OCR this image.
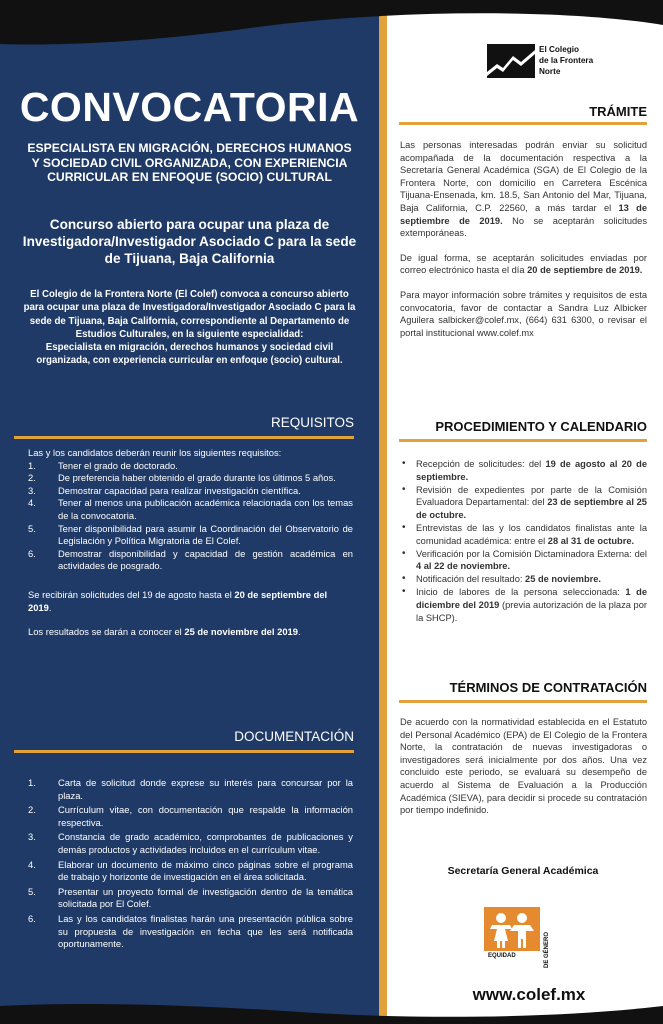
CONVOCATORIA
ESPECIALISTA EN MIGRACIÓN, DERECHOS HUMANOS Y SOCIEDAD CIVIL ORGANIZADA, CON EXPERIENCIA CURRICULAR EN ENFOQUE (SOCIO) CULTURAL
Concurso abierto para ocupar una plaza de Investigadora/Investigador Asociado C para la sede de Tijuana, Baja California
El Colegio de la Frontera Norte (El Colef) convoca a concurso abierto para ocupar una plaza de Investigadora/Investigador Asociado C para la sede de Tijuana, Baja California, correspondiente al Departamento de Estudios Culturales, en la siguiente especialidad:
Especialista en migración, derechos humanos y sociedad civil organizada, con experiencia curricular en enfoque (socio) cultural.
REQUISITOS
Las y los candidatos deberán reunir los siguientes requisitos:
1.	Tener el grado de doctorado.
2.	De preferencia haber obtenido el grado durante los últimos 5 años.
3.	Demostrar capacidad para realizar investigación científica.
4.	Tener al menos una publicación académica relacionada con los temas de la convocatoria.
5.	Tener disponibilidad para asumir la Coordinación del Observatorio de Legislación y Política Migratoria de El Colef.
6.	Demostrar disponibilidad y capacidad de gestión académica en actividades de posgrado.
Se recibirán solicitudes del 19 de agosto hasta el 20 de septiembre del 2019.
Los resultados se darán a conocer el 25 de noviembre del 2019.
DOCUMENTACIÓN
1.	Carta de solicitud donde exprese su interés para concursar por la plaza.
2.	Currículum vitae, con documentación que respalde la información respectiva.
3.	Constancia de grado académico, comprobantes de publicaciones y demás productos y actividades incluidos en el currículum vitae.
4.	Elaborar un documento de máximo cinco páginas sobre el programa de trabajo y horizonte de investigación en el área solicitada.
5.	Presentar un proyecto formal de investigación dentro de la temática solicitada por El Colef.
6.	Las y los candidatos finalistas harán una presentación pública sobre su propuesta de investigación en fecha que les será notificada oportunamente.
El Colegio
de la Frontera
Norte
TRÁMITE

Las personas interesadas podrán enviar su solicitud acompañada de la documentación respectiva a la Secretaría General Académica (SGA) de El Colegio de la Frontera Norte, con domicilio en Carretera Escénica Tijuana-Ensenada, km. 18.5, San Antonio del Mar, Tijuana, Baja California, C.P. 22560, a más tardar el 13 de septiembre de 2019. No se aceptarán solicitudes extemporáneas.

De igual forma, se aceptarán solicitudes enviadas por correo electrónico hasta el día 20 de septiembre de 2019.

Para mayor información sobre trámites y requisitos de esta convocatoria, favor de contactar a Sandra Luz Albicker Aguilera salbicker@colef.mx, (664) 631 6300, o revisar el portal institucional www.colef.mx

PROCEDIMIENTO Y CALENDARIO
• Recepción de solicitudes: del 19 de agosto al 20 de septiembre.
• Revisión de expedientes por parte de la Comisión Evaluadora Departamental: del 23 de septiembre al 25 de octubre.
• Entrevistas de las y los candidatos finalistas ante la comunidad académica: entre el 28 al 31 de octubre.
• Verificación por la Comisión Dictaminadora Externa: del 4 al 22 de noviembre.
• Notificación del resultado: 25 de noviembre.
• Inicio de labores de la persona seleccionada: 1 de diciembre del 2019 (previa autorización de la plaza por la SHCP).
TÉRMINOS DE CONTRATACIÓN
De acuerdo con la normatividad establecida en el Estatuto del Personal Académico (EPA) de El Colegio de la Frontera Norte, la contratación de nuevas investigadoras o investigadores será inicialmente por dos años. Una vez concluido este periodo, se evaluará su desempeño de acuerdo al Sistema de Evaluación a la Producción Académica (SIEVA), para decidir si procede su contratación por tiempo indefinido.
Secretaría General Académica
EQUIDAD	DE GÉNERO
www.colef.mx
